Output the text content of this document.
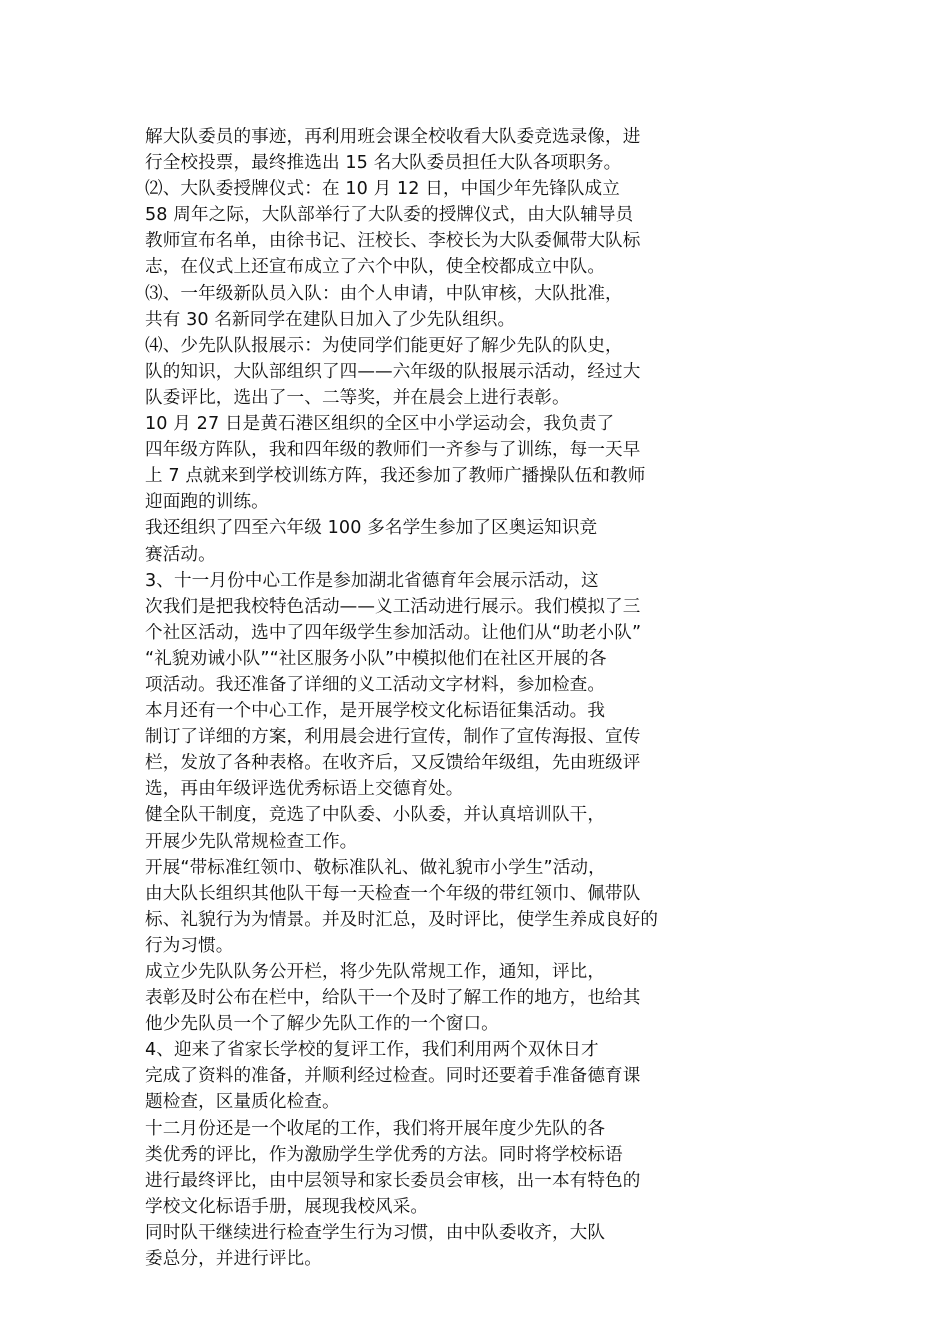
解大队委员的事迹，再利用班会课全校收看大队委竞选录像，进
行全校投票，最终推选出 15 名大队委员担任大队各项职务。
⑵、大队委授牌仪式：在 10 月 12 日，中国少年先锋队成立
58 周年之际，大队部举行了大队委的授牌仪式，由大队辅导员
教师宣布名单，由徐书记、汪校长、李校长为大队委佩带大队标
志，在仪式上还宣布成立了六个中队，使全校都成立中队。
⑶、一年级新队员入队：由个人申请，中队审核，大队批准，
共有 30 名新同学在建队日加入了少先队组织。
⑷、少先队队报展示：为使同学们能更好了解少先队的队史，
队的知识，大队部组织了四——六年级的队报展示活动，经过大
队委评比，选出了一、二等奖，并在晨会上进行表彰。
10 月 27 日是黄石港区组织的全区中小学运动会，我负责了
四年级方阵队，我和四年级的教师们一齐参与了训练，每一天早
上 7 点就来到学校训练方阵，我还参加了教师广播操队伍和教师
迎面跑的训练。
我还组织了四至六年级 100 多名学生参加了区奥运知识竞
赛活动。
3、十一月份中心工作是参加湖北省德育年会展示活动，这
次我们是把我校特色活动——义工活动进行展示。我们模拟了三
个社区活动，选中了四年级学生参加活动。让他们从“助老小队”
“礼貌劝诫小队”“社区服务小队”中模拟他们在社区开展的各
项活动。我还准备了详细的义工活动文字材料，参加检查。
本月还有一个中心工作，是开展学校文化标语征集活动。我
制订了详细的方案，利用晨会进行宣传，制作了宣传海报、宣传
栏，发放了各种表格。在收齐后，又反馈给年级组，先由班级评
选，再由年级评选优秀标语上交德育处。
健全队干制度，竞选了中队委、小队委，并认真培训队干，
开展少先队常规检查工作。
开展“带标准红领巾、敬标准队礼、做礼貌市小学生”活动，
由大队长组织其他队干每一天检查一个年级的带红领巾、佩带队
标、礼貌行为为情景。并及时汇总，及时评比，使学生养成良好的
行为习惯。
成立少先队队务公开栏，将少先队常规工作，通知，评比，
表彰及时公布在栏中，给队干一个及时了解工作的地方，也给其
他少先队员一个了解少先队工作的一个窗口。
4、迎来了省家长学校的复评工作，我们利用两个双休日才
完成了资料的准备，并顺利经过检查。同时还要着手准备德育课
题检查，区量质化检查。
十二月份还是一个收尾的工作，我们将开展年度少先队的各
类优秀的评比，作为激励学生学优秀的方法。同时将学校标语
进行最终评比，由中层领导和家长委员会审核，出一本有特色的
学校文化标语手册，展现我校风采。
同时队干继续进行检查学生行为习惯，由中队委收齐，大队
委总分，并进行评比。
